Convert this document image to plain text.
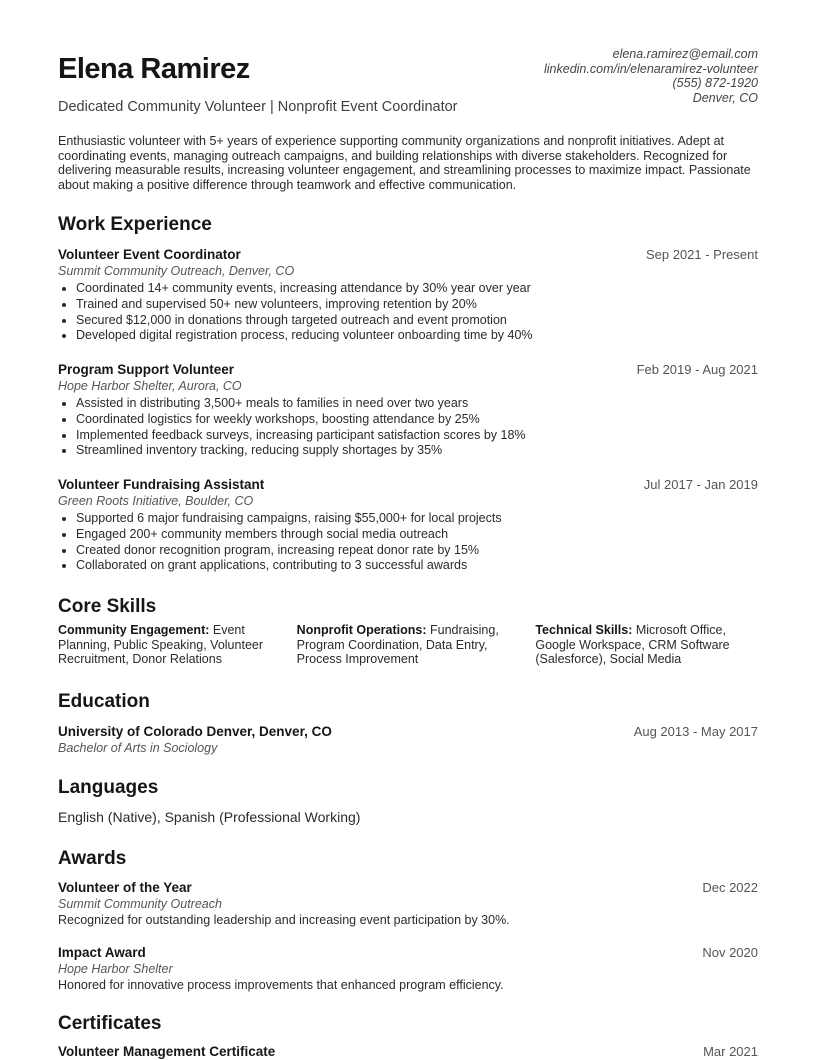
Elena Ramirez
Dedicated Community Volunteer | Nonprofit Event Coordinator
elena.ramirez@email.com
linkedin.com/in/elenaramirez-volunteer
(555) 872-1920
Denver, CO
Enthusiastic volunteer with 5+ years of experience supporting community organizations and nonprofit initiatives. Adept at coordinating events, managing outreach campaigns, and building relationships with diverse stakeholders. Recognized for delivering measurable results, increasing volunteer engagement, and streamlining processes to maximize impact. Passionate about making a positive difference through teamwork and effective communication.
Work Experience
Volunteer Event Coordinator	Sep 2021 - Present
Summit Community Outreach, Denver, CO
• Coordinated 14+ community events, increasing attendance by 30% year over year
• Trained and supervised 50+ new volunteers, improving retention by 20%
• Secured $12,000 in donations through targeted outreach and event promotion
• Developed digital registration process, reducing volunteer onboarding time by 40%
Program Support Volunteer	Feb 2019 - Aug 2021
Hope Harbor Shelter, Aurora, CO
• Assisted in distributing 3,500+ meals to families in need over two years
• Coordinated logistics for weekly workshops, boosting attendance by 25%
• Implemented feedback surveys, increasing participant satisfaction scores by 18%
• Streamlined inventory tracking, reducing supply shortages by 35%
Volunteer Fundraising Assistant	Jul 2017 - Jan 2019
Green Roots Initiative, Boulder, CO
• Supported 6 major fundraising campaigns, raising $55,000+ for local projects
• Engaged 200+ community members through social media outreach
• Created donor recognition program, increasing repeat donor rate by 15%
• Collaborated on grant applications, contributing to 3 successful awards
Core Skills
Community Engagement: Event Planning, Public Speaking, Volunteer Recruitment, Donor Relations
Nonprofit Operations: Fundraising, Program Coordination, Data Entry, Process Improvement
Technical Skills: Microsoft Office, Google Workspace, CRM Software (Salesforce), Social Media
Education
University of Colorado Denver, Denver, CO	Aug 2013 - May 2017
Bachelor of Arts in Sociology
Languages
English (Native), Spanish (Professional Working)
Awards
Volunteer of the Year	Dec 2022
Summit Community Outreach
Recognized for outstanding leadership and increasing event participation by 30%.
Impact Award	Nov 2020
Hope Harbor Shelter
Honored for innovative process improvements that enhanced program efficiency.
Certificates
Volunteer Management Certificate	Mar 2021
